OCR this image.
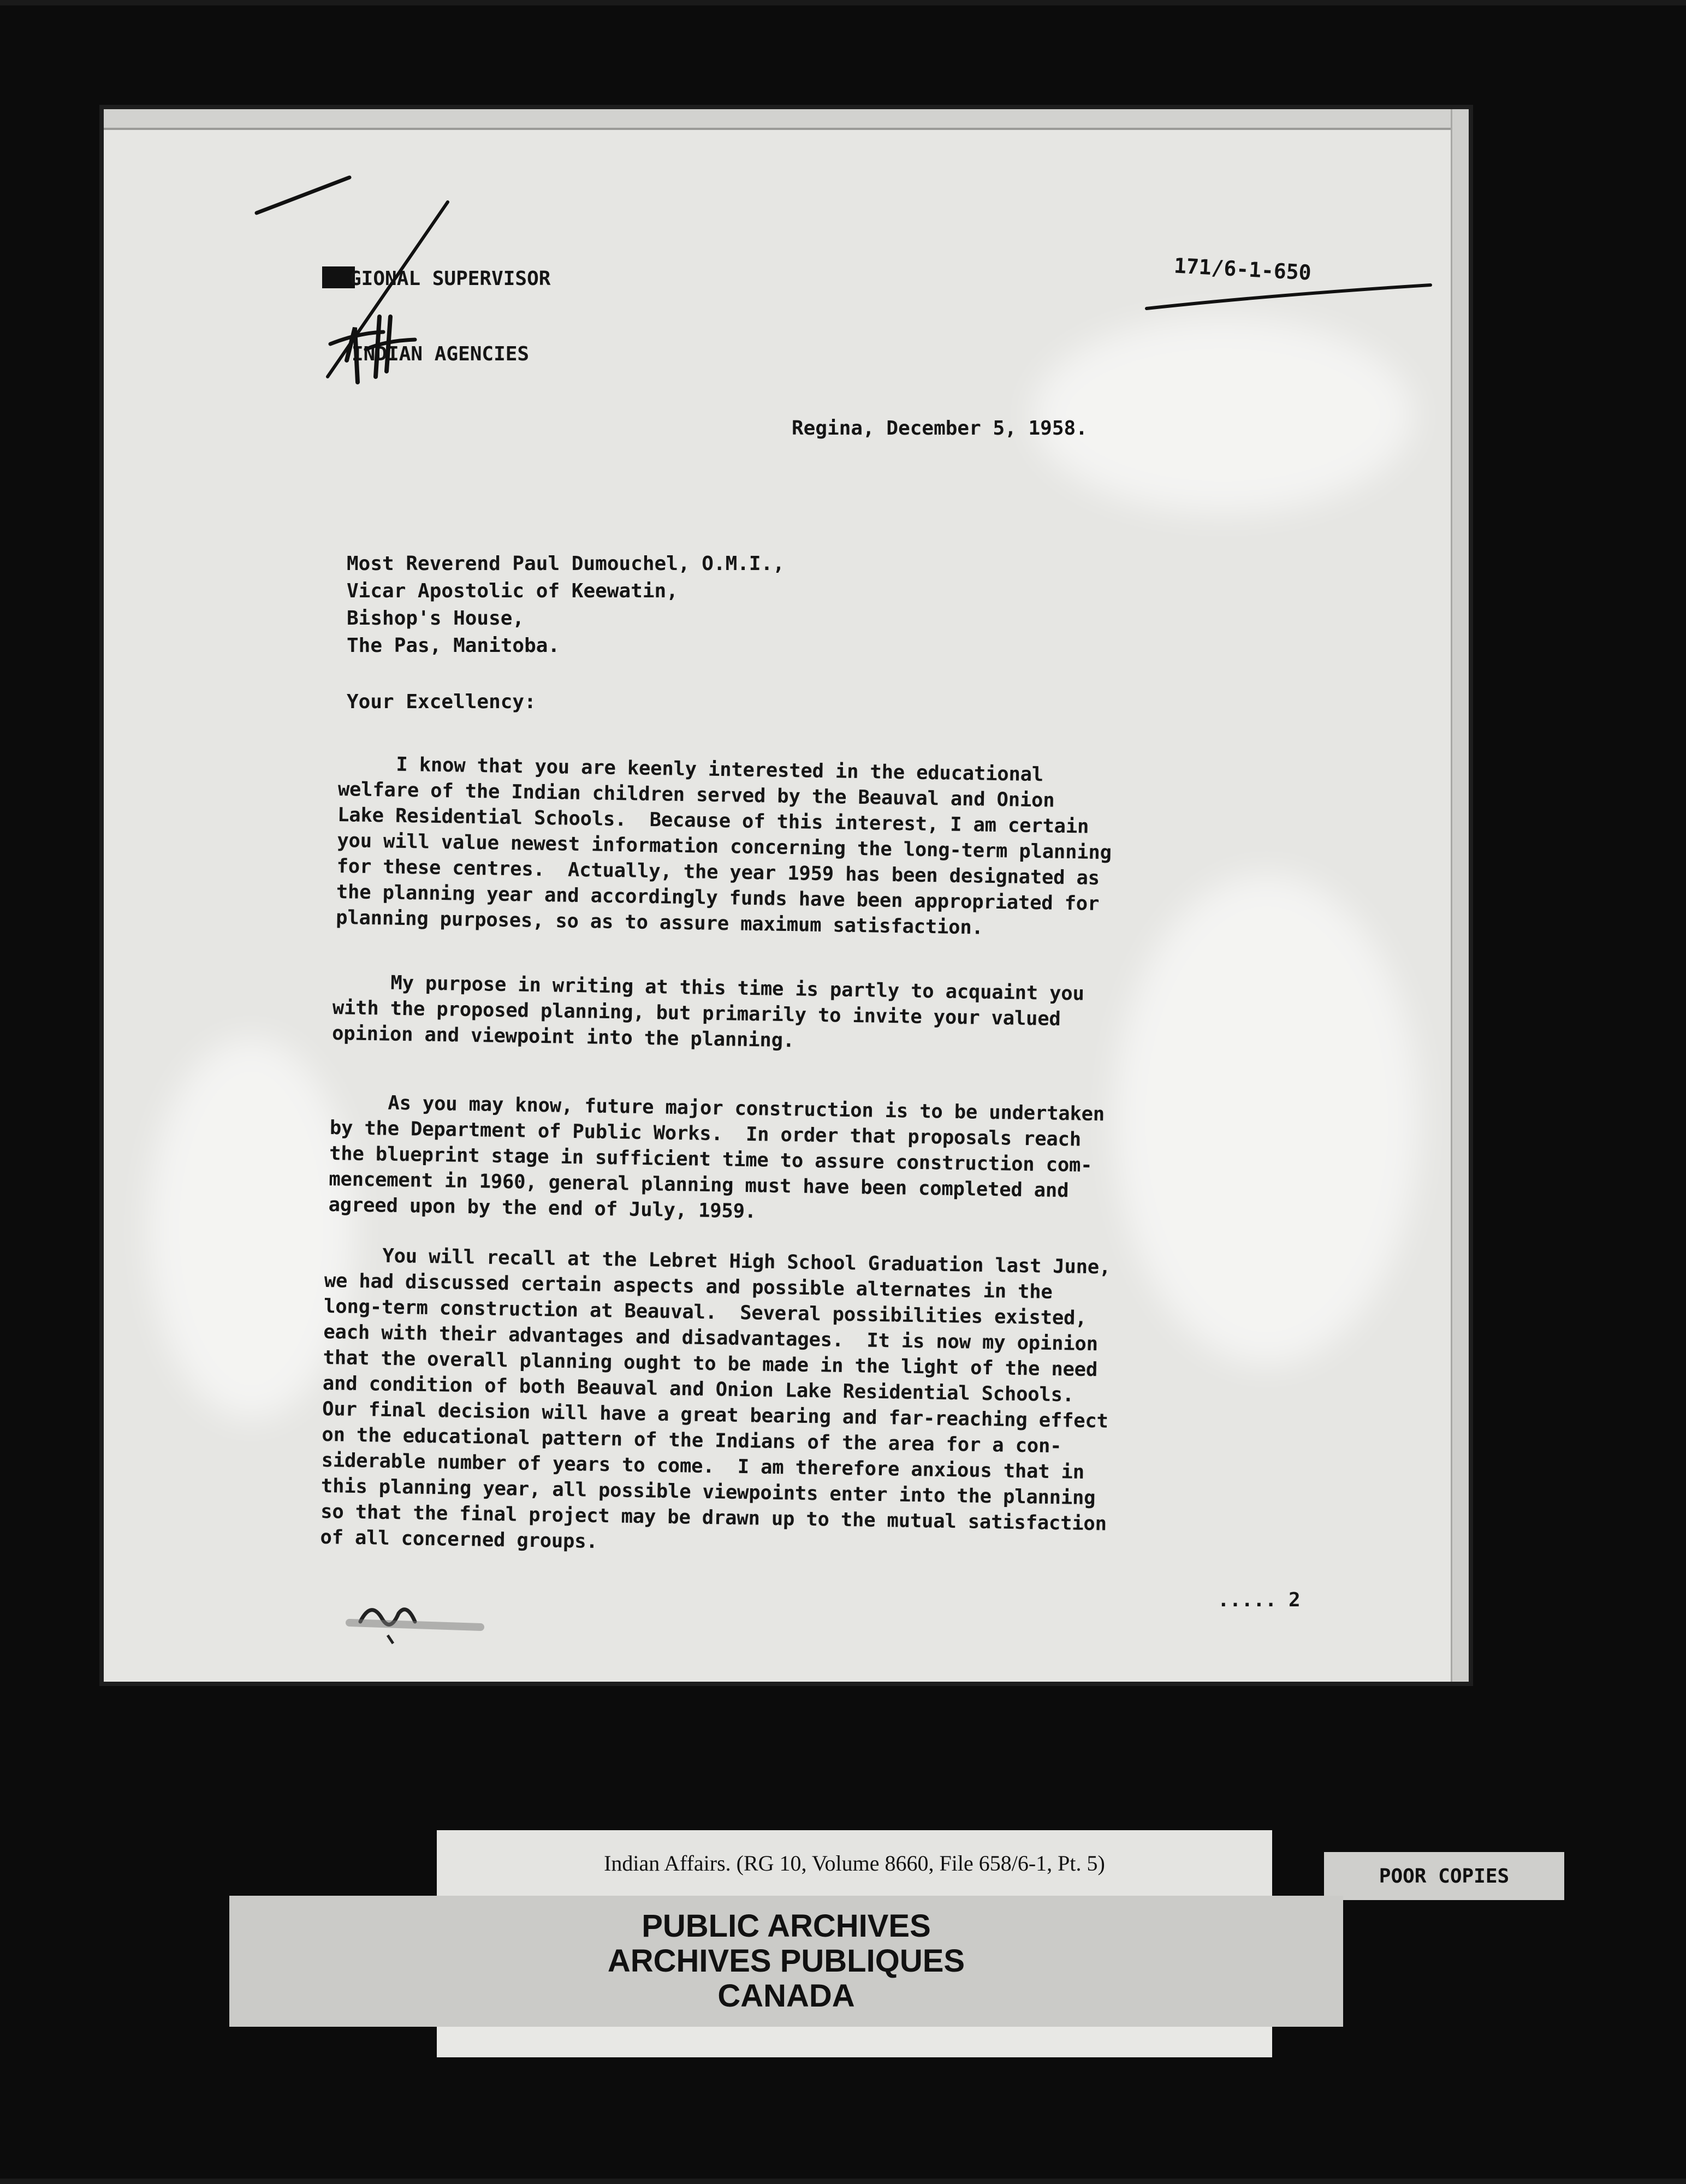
GIONAL SUPERVISOR

INDIAN AGENCIES

171/6-1-650
Regina, December 5, 1958.
Most Reverend Paul Dumouchel, O.M.I.,
Vicar Apostolic of Keewatin,
Bishop's House,
The Pas, Manitoba.
Your Excellency:

I know that you are keenly interested in the educational
welfare of the Indian children served by the Beauval and Onion
Lake Residential Schools.  Because of this interest, I am certain
you will value newest information concerning the long-term planning
for these centres.  Actually, the year 1959 has been designated as
the planning year and accordingly funds have been appropriated for
planning purposes, so as to assure maximum satisfaction.

My purpose in writing at this time is partly to acquaint you
with the proposed planning, but primarily to invite your valued
opinion and viewpoint into the planning.

As you may know, future major construction is to be undertaken
by the Department of Public Works.  In order that proposals reach
the blueprint stage in sufficient time to assure construction com-
mencement in 1960, general planning must have been completed and
agreed upon by the end of July, 1959.

You will recall at the Lebret High School Graduation last June,
we had discussed certain aspects and possible alternates in the
long-term construction at Beauval.  Several possibilities existed,
each with their advantages and disadvantages.  It is now my opinion
that the overall planning ought to be made in the light of the need
and condition of both Beauval and Onion Lake Residential Schools.
Our final decision will have a great bearing and far-reaching effect
on the educational pattern of the Indians of the area for a con-
siderable number of years to come.  I am therefore anxious that in
this planning year, all possible viewpoints enter into the planning
so that the final project may be drawn up to the mutual satisfaction
of all concerned groups.

..... 2
Indian Affairs. (RG 10, Volume 8660, File 658/6-1, Pt. 5)
POOR COPIES
PUBLIC ARCHIVES
ARCHIVES PUBLIQUES
CANADA
